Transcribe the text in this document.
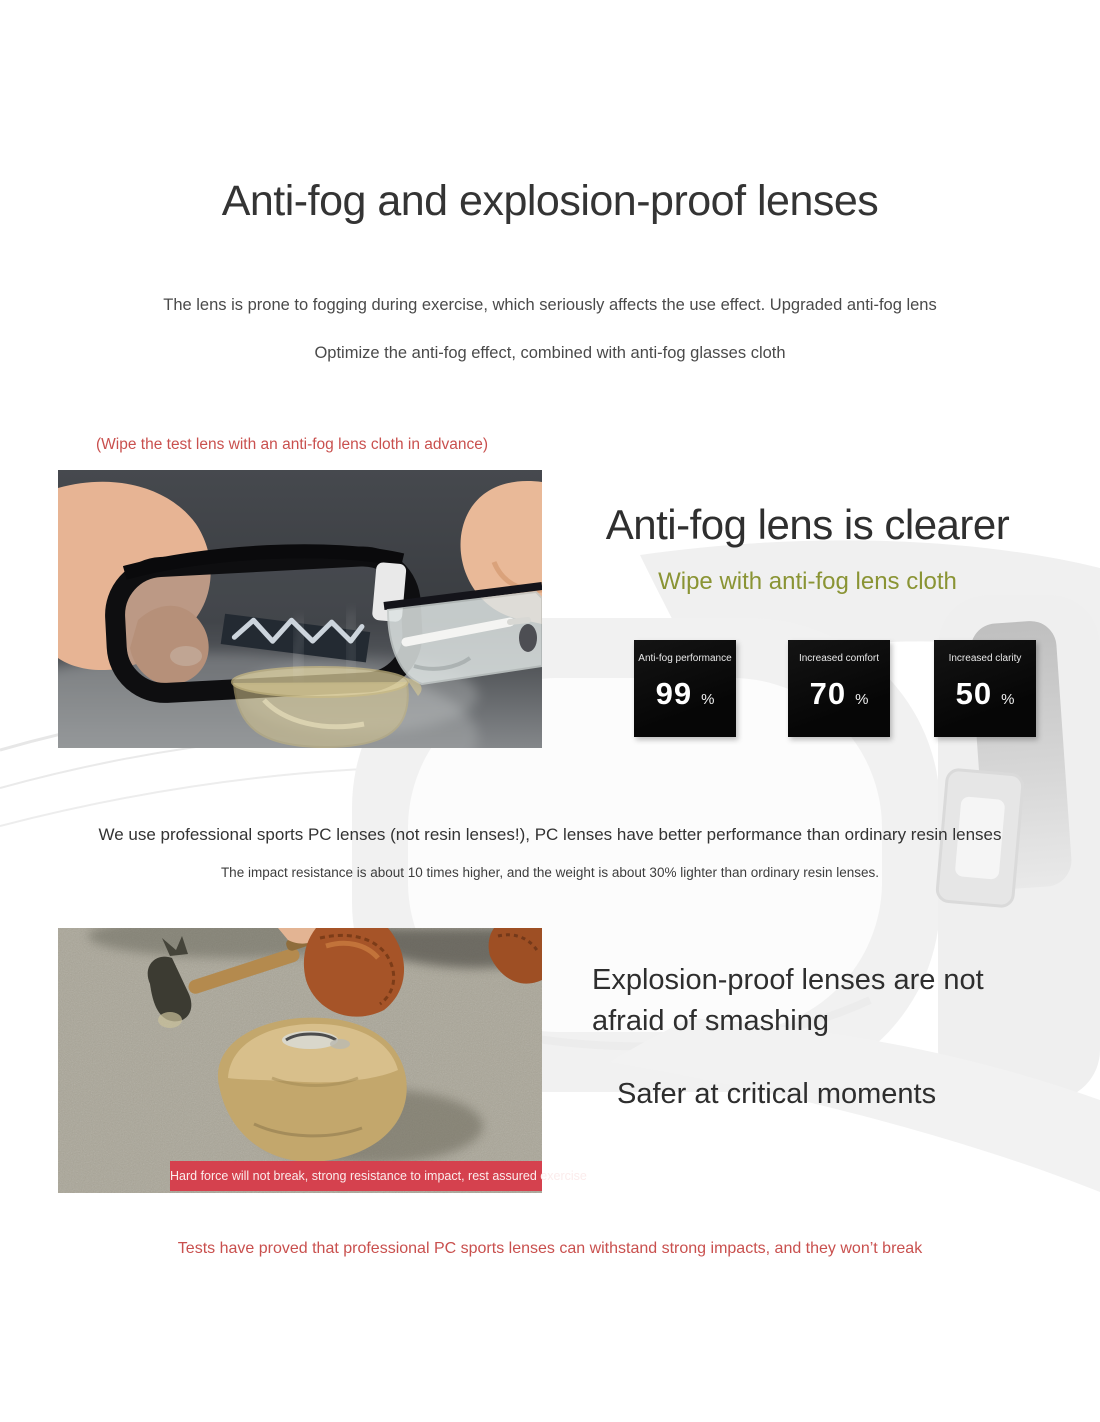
Anti-fog and explosion-proof lenses

The lens is prone to fogging during exercise, which seriously affects the use effect. Upgraded anti-fog lens

Optimize the anti-fog effect, combined with anti-fog glasses cloth

(Wipe the test lens with an anti-fog lens cloth in advance)
Anti-fog lens is clearer
Wipe with anti-fog lens cloth
Anti-fog performance
99 %
Increased comfort
70 %
Increased clarity
50 %

We use professional sports PC lenses (not resin lenses!), PC lenses have better performance than ordinary resin lenses

The impact resistance is about 10 times higher, and the weight is about 30% lighter than ordinary resin lenses.

Hard force will not break, strong resistance to impact, rest assured exercise
Explosion-proof lenses are not
afraid of smashing
Safer at critical moments
Tests have proved that professional PC sports lenses can withstand strong impacts, and they won’t break
